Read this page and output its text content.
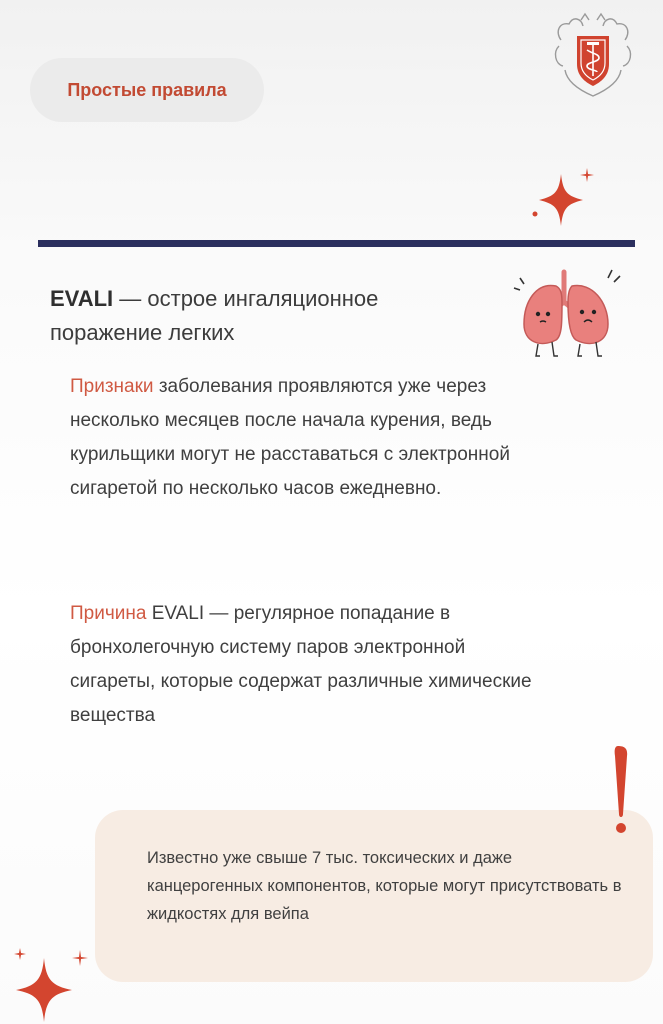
Простые правила
EVALI — острое ингаляционное поражение легких
Признаки заболевания проявляются уже через несколько месяцев после начала курения, ведь курильщики могут не расставаться с электронной сигаретой по несколько часов ежедневно.
Причина EVALI — регулярное попадание в бронхолегочную систему паров электронной сигареты, которые содержат различные химические вещества
Известно уже свыше 7 тыс. токсических и даже канцерогенных компонентов, которые могут присутствовать в жидкостях для вейпа
